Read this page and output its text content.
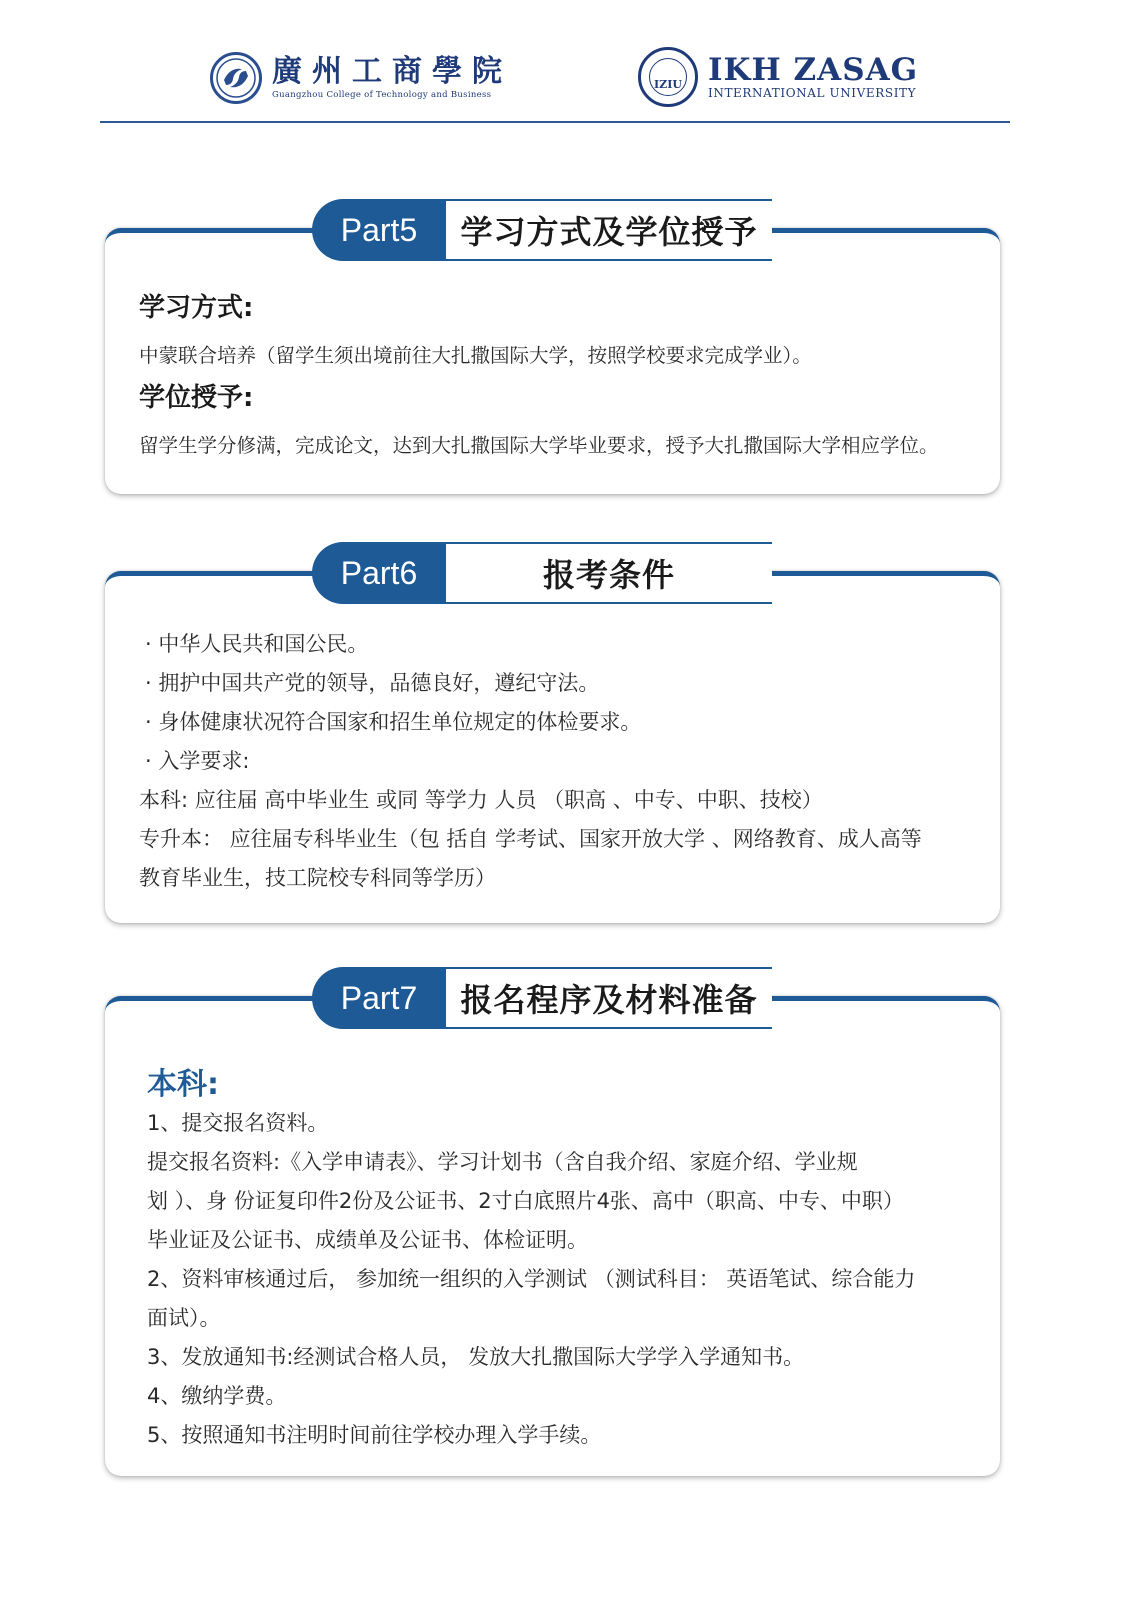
廣州工商學院
Guangzhou College of Technology and Business
IZIU IKH ZASAG
INTERNATIONAL UNIVERSITY
学习方式:
中蒙联合培养（留学生须出境前往大扎撒国际大学，按照学校要求完成学业）。
学位授予:
留学生学分修满，完成论文，达到大扎撒国际大学毕业要求，授予大扎撒国际大学相应学位。
Part5	学习方式及学位授予
· 中华人民共和国公民。
· 拥护中国共产党的领导，品德良好，遵纪守法。
· 身体健康状况符合国家和招生单位规定的体检要求。
· 入学要求:
本科: 应往届 高中毕业生 或同 等学力 人员 （职高 、中专、中职、技校）
专升本： 应往届专科毕业生（包 括自 学考试、国家开放大学 、网络教育、成人高等
教育毕业生，技工院校专科同等学历）
Part6	报考条件
本科:
1、提交报名资料。
提交报名资料:《入学申请表》、学习计划书（含自我介绍、家庭介绍、学业规
划 ）、身 份证复印件2份及公证书、2寸白底照片4张、高中（职高、中专、中职）
毕业证及公证书、成绩单及公证书、体检证明。
2、资料审核通过后， 参加统一组织的入学测试 （测试科目： 英语笔试、综合能力
面试）。
3、发放通知书:经测试合格人员， 发放大扎撒国际大学学入学通知书。
4、缴纳学费。
5、按照通知书注明时间前往学校办理入学手续。
Part7	报名程序及材料准备
